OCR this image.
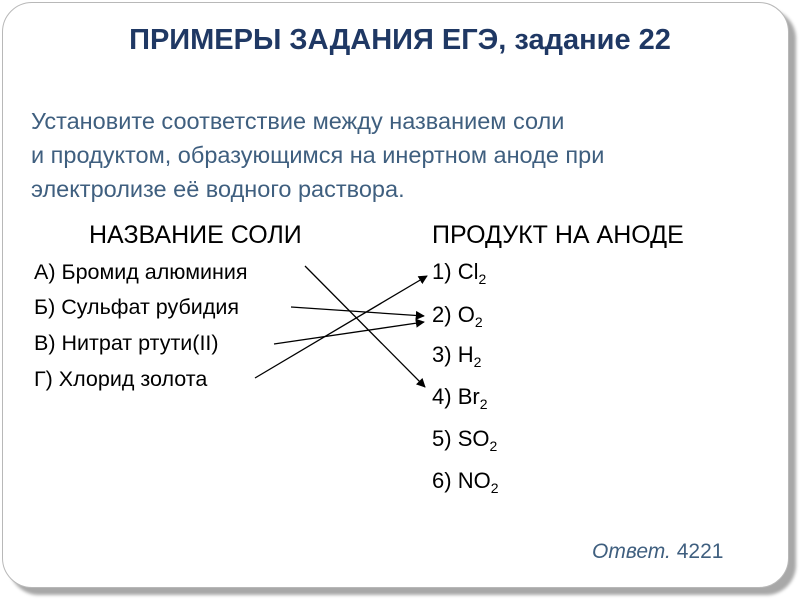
ПРИМЕРЫ ЗАДАНИЯ ЕГЭ, задание 22
Установите соответствие между названием соли
и продуктом, образующимся на инертном аноде при
электролизе её водного раствора.
НАЗВАНИЕ СОЛИ	ПРОДУКТ НА АНОДЕ
А) Бромид алюминия
Б) Сульфат рубидия
В) Нитрат ртути(II)
Г) Хлорид золота
1) $Cl_2$
2) $O_2$
3) $H_2$
4) $Br_2$
5) $SO_2$
6) $NO_2$
Ответ. 4221
